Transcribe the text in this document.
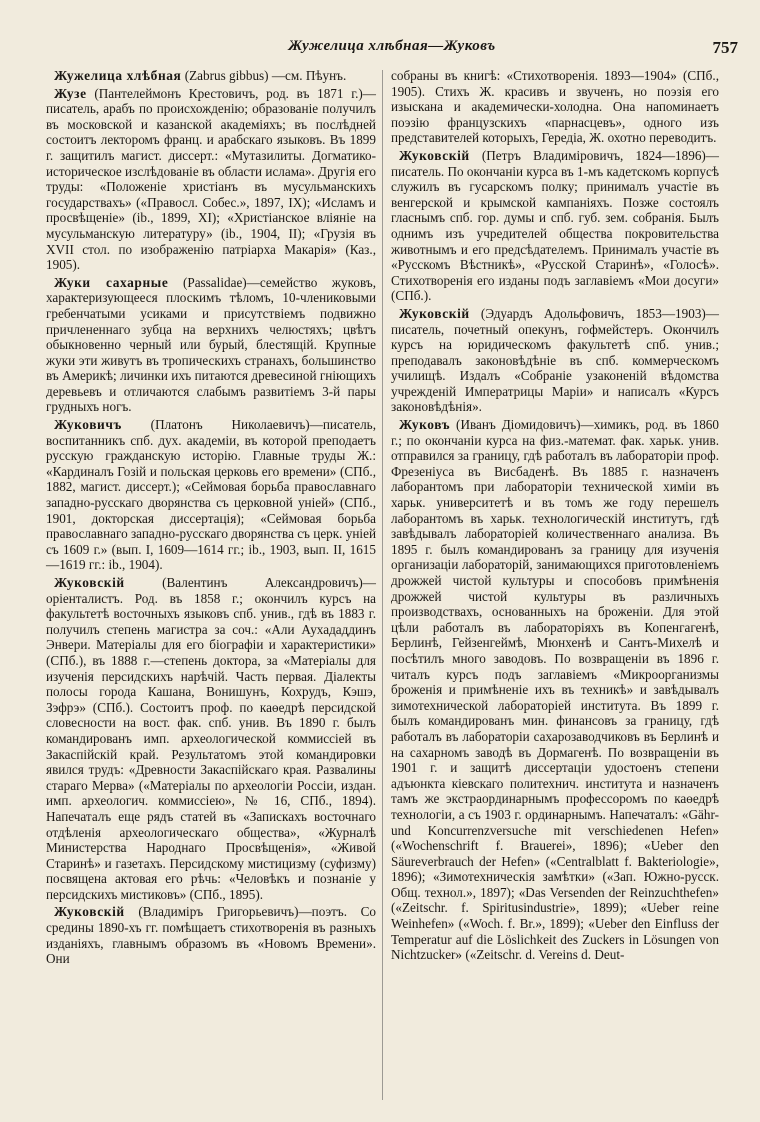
Жужелица хлѣбная—Жуковъ	757

Жужелица хлѣбная (Zabrus gibbus) —см. Пѣунъ.

Жузе (Пантелеймонъ Крестовичъ, род. въ 1871 г.)—писатель, арабъ по происхожденію; образованіе получилъ въ московской и казанской академіяхъ; въ послѣдней состоитъ лекторомъ франц. и арабскаго языковъ. Въ 1899 г. защитилъ магист. диссерт.: «Мутазилиты. Догматико-историческое изслѣдованіе въ области ислама». Другія его труды: «Положеніе христіанъ въ мусульманскихъ государствахъ» («Правосл. Собес.», 1897, IX); «Исламъ и просвѣщеніе» (ib., 1899, XI); «Христіанское вліяніе на мусульманскую литературу» (ib., 1904, II); «Грузія въ XVII стол. по изображенію патріарха Макарія» (Каз., 1905).

Жуки сахарные (Passalidae)—семейство жуковъ, характеризующееся плоскимъ тѣломъ, 10-члениковыми гребенчатыми усиками и присутствіемъ подвижно причлененнаго зубца на верхнихъ челюстяхъ; цвѣтъ обыкновенно черный или бурый, блестящій. Крупные жуки эти живутъ въ тропическихъ странахъ, большинство въ Америкѣ; личинки ихъ питаются древесиной гніющихъ деревьевъ и отличаются слабымъ развитіемъ 3-й пары грудныхъ ногъ.

Жуковичъ (Платонъ Николаевичъ)—писатель, воспитанникъ спб. дух. академіи, въ которой преподаетъ русскую гражданскую исторію. Главные труды Ж.: «Кардиналъ Гозій и польская церковь его времени» (СПб., 1882, магист. диссерт.); «Сеймовая борьба православнаго западно-русскаго дворянства съ церковной уніей» (СПб., 1901, докторская диссертація); «Сеймовая борьба православнаго западно-русскаго дворянства съ церк. уніей съ 1609 г.» (вып. I, 1609—1614 гг.; ib., 1903, вып. II, 1615—1619 гг.: ib., 1904).

Жуковскій (Валентинъ Александровичъ)—оріенталистъ. Род. въ 1858 г.; окончилъ курсъ на факультетѣ восточныхъ языковъ спб. унив., гдѣ въ 1883 г. получилъ степень магистра за соч.: «Али Аухададдинъ Энвери. Матеріалы для его біографіи и характеристики» (СПб.), въ 1888 г.—степень доктора, за «Матеріалы для изученія персидскихъ нарѣчій. Часть первая. Діалекты полосы города Кашана, Вонишунъ, Кохрудъ, Кэшэ, Зэфрэ» (СПб.). Состоитъ проф. по каѳедрѣ персидской словесности на вост. фак. спб. унив. Въ 1890 г. былъ командированъ имп. археологической коммиссіей въ Закаспійскій край. Результатомъ этой командировки явился трудъ: «Древности Закаспійскаго края. Развалины стараго Мерва» («Матеріалы по археологіи Россіи, издан. имп. археологич. коммиссіею», № 16, СПб., 1894). Напечаталъ еще рядъ статей въ «Запискахъ восточнаго отдѣленія археологическаго общества», «Журналѣ Министерства Народнаго Просвѣщенія», «Живой Старинѣ» и газетахъ. Персидскому мистицизму (суфизму) посвящена актовая его рѣчь: «Человѣкъ и познаніе у персидскихъ мистиковъ» (СПб., 1895).

Жуковскій (Владиміръ Григорьевичъ)—поэтъ. Со средины 1890-хъ гг. помѣщаетъ стихотворенія въ разныхъ изданіяхъ, главнымъ образомъ въ «Новомъ Времени». Они

собраны въ книгѣ: «Стихотворенія. 1893—1904» (СПб., 1905). Стихъ Ж. красивъ и звученъ, но поэзія его изыскана и академически-холодна. Она напоминаетъ поэзію французскихъ «парнасцевъ», одного изъ представителей которыхъ, Гередіа, Ж. охотно переводитъ.

Жуковскій (Петръ Владиміровичъ, 1824—1896)—писатель. По окончаніи курса въ 1-мъ кадетскомъ корпусѣ служилъ въ гусарскомъ полку; принималъ участіе въ венгерской и крымской кампаніяхъ. Позже состоялъ гласнымъ спб. гор. думы и спб. губ. зем. собранія. Былъ однимъ изъ учредителей общества покровительства животнымъ и его предсѣдателемъ. Принималъ участіе въ «Русскомъ Вѣстникѣ», «Русской Старинѣ», «Голосѣ». Стихотворенія его изданы подъ заглавіемъ «Мои досуги» (СПб.).

Жуковскій (Эдуардъ Адольфовичъ, 1853—1903)—писатель, почетный опекунъ, гофмейстеръ. Окончилъ курсъ на юридическомъ факультетѣ спб. унив.; преподавалъ законовѣдѣніе въ спб. коммерческомъ училищѣ. Издалъ «Собраніе узаконеній вѣдомства учрежденій Императрицы Маріи» и написалъ «Курсъ законовѣдѣнія».

Жуковъ (Иванъ Діомидовичъ)—химикъ, род. въ 1860 г.; по окончаніи курса на физ.-математ. фак. харьк. унив. отправился за границу, гдѣ работалъ въ лабораторіи проф. Фрезеніуса въ Висбаденѣ. Въ 1885 г. назначенъ лаборантомъ при лабораторіи технической химіи въ харьк. университетѣ и въ томъ же году перешелъ лаборантомъ въ харьк. технологическій институтъ, гдѣ завѣдывалъ лабораторіей количественнаго анализа. Въ 1895 г. былъ командированъ за границу для изученія организаціи лабораторій, занимающихся приготовленіемъ дрожжей чистой культуры и способовъ примѣненія дрожжей чистой культуры въ различныхъ производствахъ, основанныхъ на броженіи. Для этой цѣли работалъ въ лабораторіяхъ въ Копенгагенѣ, Берлинѣ, Гейзенгеймѣ, Мюнхенѣ и Сантъ-Михелѣ и посѣтилъ много заводовъ. По возвращеніи въ 1896 г. читалъ курсъ подъ заглавіемъ «Микроорганизмы броженія и примѣненіе ихъ въ техникѣ» и завѣдывалъ зимотехнической лабораторіей института. Въ 1899 г. былъ командированъ мин. финансовъ за границу, гдѣ работалъ въ лабораторіи сахарозаводчиковъ въ Берлинѣ и на сахарномъ заводѣ въ Дормагенѣ. По возвращеніи въ 1901 г. и защитѣ диссертаціи удостоенъ степени адъюнкта кіевскаго политехнич. института и назначенъ тамъ же экстраординарнымъ профессоромъ по каѳедрѣ технологіи, а съ 1903 г. ординарнымъ. Напечаталъ: «Gähr-und Koncurrenzversuche mit verschiedenen Hefen» («Wochenschrift f. Brauerei», 1896); «Ueber den Säureverbrauch der Hefen» («Centralblatt f. Bakteriologie», 1896); «Зимотехническія замѣтки» («Зап. Южно-русск. Общ. технол.», 1897); «Das Versenden der Reinzuchthefen» («Zeitschr. f. Spiritusindustrie», 1899); «Ueber reine Weinhefen» («Woch. f. Br.», 1899); «Ueber den Einfluss der Temperatur auf die Löslichkeit des Zuckers in Lösungen von Nichtzucker» («Zeitschr. d. Vereins d. Deut-
